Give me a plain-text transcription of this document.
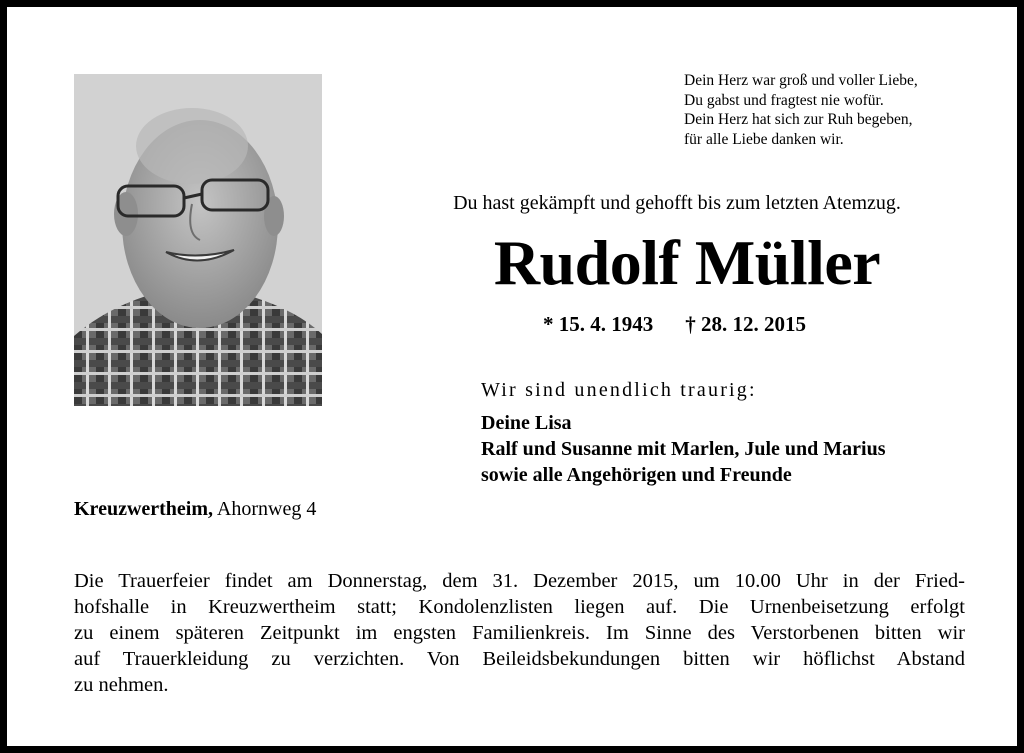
Dein Herz war groß und voller Liebe,
Du gabst und fragtest nie wofür.
Dein Herz hat sich zur Ruh begeben,
für alle Liebe danken wir.
Du hast gekämpft und gehofft bis zum letzten Atemzug.
Rudolf Müller
* 15. 4. 1943 † 28. 12. 2015
Wir sind unendlich traurig:
Deine Lisa
Ralf und Susanne mit Marlen, Jule und Marius
sowie alle Angehörigen und Freunde
Kreuzwertheim, Ahornweg 4
Die Trauerfeier findet am Donnerstag, dem 31. Dezember 2015, um 10.00 Uhr in der Fried-
hofshalle in Kreuzwertheim statt; Kondolenzlisten liegen auf. Die Urnenbeisetzung erfolgt
zu einem späteren Zeitpunkt im engsten Familienkreis. Im Sinne des Verstorbenen bitten wir
auf Trauerkleidung zu verzichten. Von Beileidsbekundungen bitten wir höflichst Abstand
zu nehmen.
